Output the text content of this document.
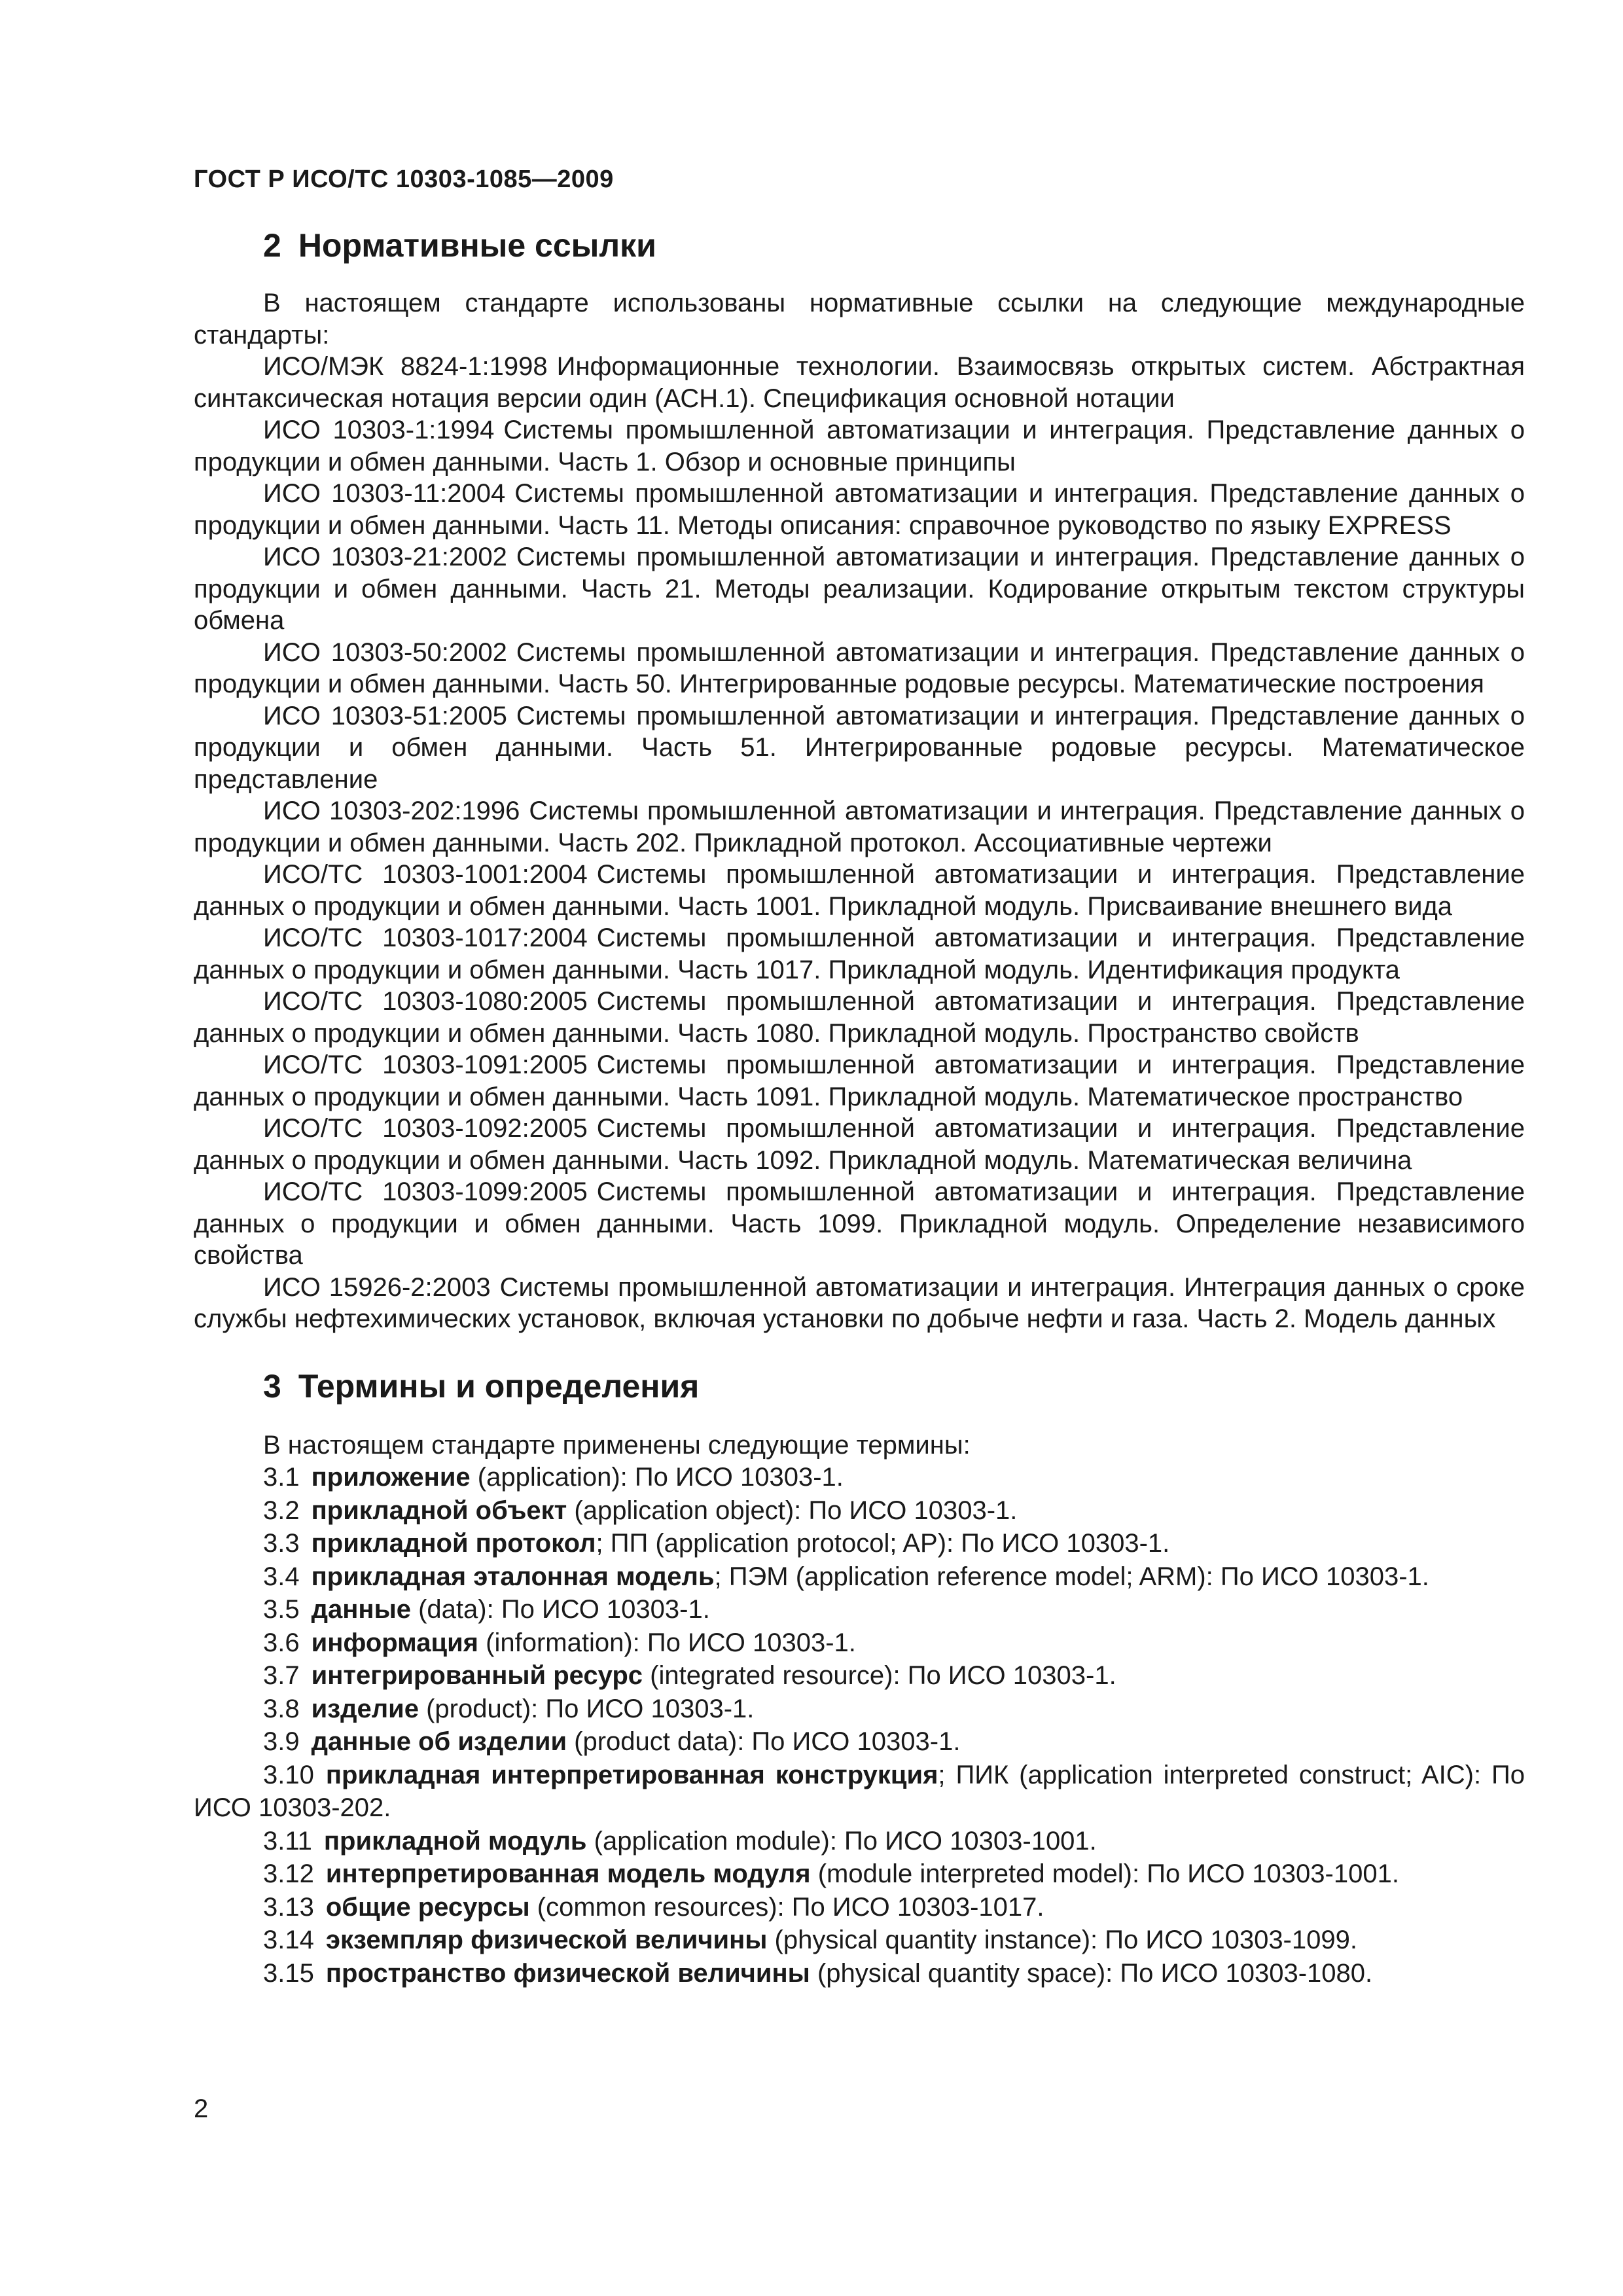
ГОСТ Р ИСО/ТС 10303-1085—2009
2 Нормативные ссылки

В настоящем стандарте использованы нормативные ссылки на следующие международные стандарты:

ИСО/МЭК 8824-1:1998 Информационные технологии. Взаимосвязь открытых систем. Абстрактная синтаксическая нотация версии один (АСН.1). Спецификация основной нотации

ИСО 10303-1:1994 Системы промышленной автоматизации и интеграция. Представление данных о продукции и обмен данными. Часть 1. Обзор и основные принципы

ИСО 10303-11:2004 Системы промышленной автоматизации и интеграция. Представление данных о продукции и обмен данными. Часть 11. Методы описания: справочное руководство по языку EXPRESS

ИСО 10303-21:2002 Системы промышленной автоматизации и интеграция. Представление данных о продукции и обмен данными. Часть 21. Методы реализации. Кодирование открытым текстом структуры обмена

ИСО 10303-50:2002 Системы промышленной автоматизации и интеграция. Представление данных о продукции и обмен данными. Часть 50. Интегрированные родовые ресурсы. Математические построения

ИСО 10303-51:2005 Системы промышленной автоматизации и интеграция. Представление данных о продукции и обмен данными. Часть 51. Интегрированные родовые ресурсы. Математическое представление

ИСО 10303-202:1996 Системы промышленной автоматизации и интеграция. Представление данных о продукции и обмен данными. Часть 202. Прикладной протокол. Ассоциативные чертежи

ИСО/ТС 10303-1001:2004 Системы промышленной автоматизации и интеграция. Представление данных о продукции и обмен данными. Часть 1001. Прикладной модуль. Присваивание внешнего вида

ИСО/ТС 10303-1017:2004 Системы промышленной автоматизации и интеграция. Представление данных о продукции и обмен данными. Часть 1017. Прикладной модуль. Идентификация продукта

ИСО/ТС 10303-1080:2005 Системы промышленной автоматизации и интеграция. Представление данных о продукции и обмен данными. Часть 1080. Прикладной модуль. Пространство свойств

ИСО/ТС 10303-1091:2005 Системы промышленной автоматизации и интеграция. Представление данных о продукции и обмен данными. Часть 1091. Прикладной модуль. Математическое пространство

ИСО/ТС 10303-1092:2005 Системы промышленной автоматизации и интеграция. Представление данных о продукции и обмен данными. Часть 1092. Прикладной модуль. Математическая величина

ИСО/ТС 10303-1099:2005 Системы промышленной автоматизации и интеграция. Представление данных о продукции и обмен данными. Часть 1099. Прикладной модуль. Определение независимого свойства

ИСО 15926-2:2003 Системы промышленной автоматизации и интеграция. Интеграция данных о сроке службы нефтехимических установок, включая установки по добыче нефти и газа. Часть 2. Модель данных

3 Термины и определения

В настоящем стандарте применены следующие термины:

3.1 приложение (application): По ИСО 10303-1.

3.2 прикладной объект (application object): По ИСО 10303-1.

3.3 прикладной протокол; ПП (application protocol; AP): По ИСО 10303-1.

3.4 прикладная эталонная модель; ПЭМ (application reference model; ARM): По ИСО 10303-1.

3.5 данные (data): По ИСО 10303-1.

3.6 информация (information): По ИСО 10303-1.

3.7 интегрированный ресурс (integrated resource): По ИСО 10303-1.

3.8 изделие (product): По ИСО 10303-1.

3.9 данные об изделии (product data): По ИСО 10303-1.

3.10 прикладная интерпретированная конструкция; ПИК (application interpreted construct; AIC): По ИСО 10303-202.

3.11 прикладной модуль (application module): По ИСО 10303-1001.

3.12 интерпретированная модель модуля (module interpreted model): По ИСО 10303-1001.

3.13 общие ресурсы (common resources): По ИСО 10303-1017.

3.14 экземпляр физической величины (physical quantity instance): По ИСО 10303-1099.

3.15 пространство физической величины (physical quantity space): По ИСО 10303-1080.

2
